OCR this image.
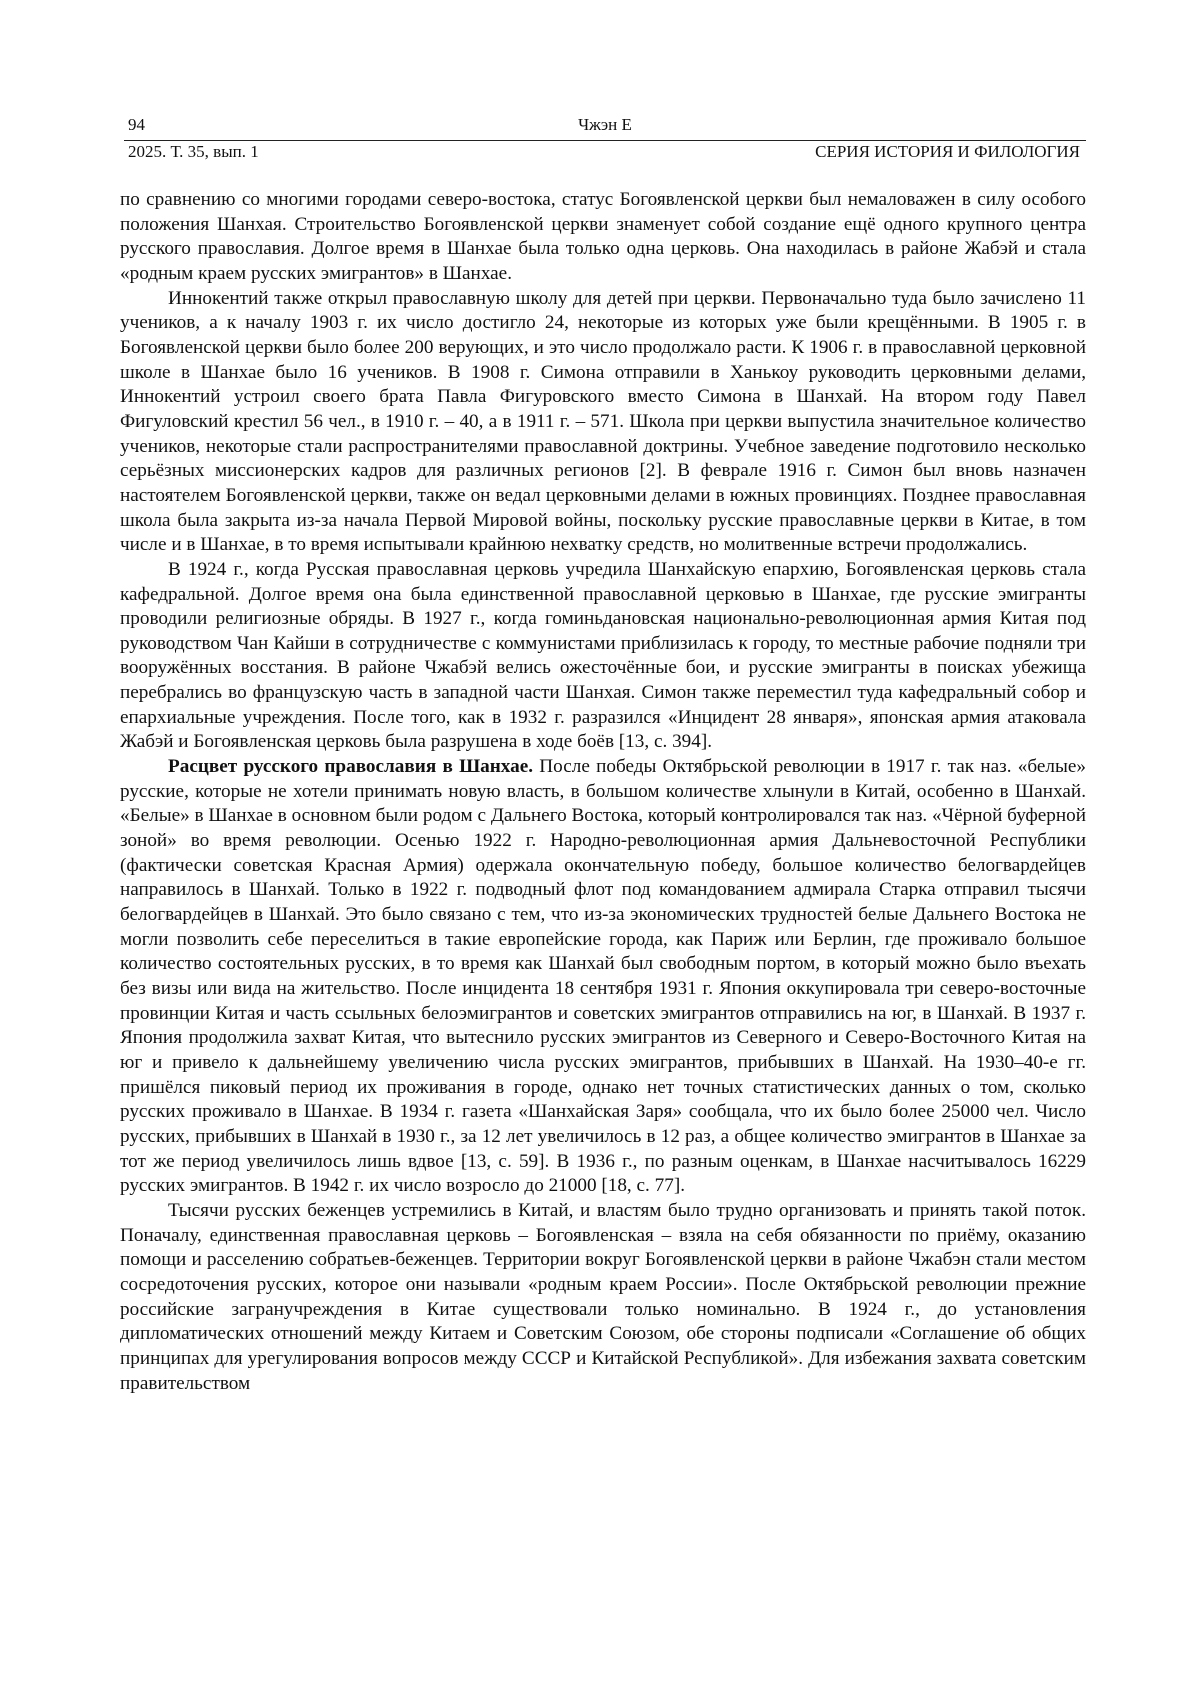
94	Чжэн Е
2025. Т. 35, вып. 1	СЕРИЯ ИСТОРИЯ И ФИЛОЛОГИЯ

по сравнению со многими городами северо-востока, статус Богоявленской церкви был немаловажен в силу особого положения Шанхая. Строительство Богоявленской церкви знаменует собой создание ещё одного крупного центра русского православия. Долгое время в Шанхае была только одна церковь. Она находилась в районе Жабэй и стала «родным краем русских эмигрантов» в Шанхае.

Иннокентий также открыл православную школу для детей при церкви. Первоначально туда было зачислено 11 учеников, а к началу 1903 г. их число достигло 24, некоторые из которых уже были крещёнными. В 1905 г. в Богоявленской церкви было более 200 верующих, и это число продолжало расти. К 1906 г. в православной церковной школе в Шанхае было 16 учеников. В 1908 г. Симона отправили в Ханькоу руководить церковными делами, Иннокентий устроил своего брата Павла Фигуровского вместо Симона в Шанхай. На втором году Павел Фигуловский крестил 56 чел., в 1910 г. – 40, а в 1911 г. – 571. Школа при церкви выпустила значительное количество учеников, некоторые стали распространителями православной доктрины. Учебное заведение подготовило несколько серьёзных миссионерских кадров для различных регионов [2]. В феврале 1916 г. Симон был вновь назначен настоятелем Богоявленской церкви, также он ведал церковными делами в южных провинциях. Позднее православная школа была закрыта из-за начала Первой Мировой войны, поскольку русские православные церкви в Китае, в том числе и в Шанхае, в то время испытывали крайнюю нехватку средств, но молитвенные встречи продолжались.

В 1924 г., когда Русская православная церковь учредила Шанхайскую епархию, Богоявленская церковь стала кафедральной. Долгое время она была единственной православной церковью в Шанхае, где русские эмигранты проводили религиозные обряды. В 1927 г., когда гоминьдановская национально-революционная армия Китая под руководством Чан Кайши в сотрудничестве с коммунистами приблизилась к городу, то местные рабочие подняли три вооружённых восстания. В районе Чжабэй велись ожесточённые бои, и русские эмигранты в поисках убежища перебрались во французскую часть в западной части Шанхая. Симон также переместил туда кафедральный собор и епархиальные учреждения. После того, как в 1932 г. разразился «Инцидент 28 января», японская армия атаковала Жабэй и Богоявленская церковь была разрушена в ходе боёв [13, с. 394].

Расцвет русского православия в Шанхае. После победы Октябрьской революции в 1917 г. так наз. «белые» русские, которые не хотели принимать новую власть, в большом количестве хлынули в Китай, особенно в Шанхай. «Белые» в Шанхае в основном были родом с Дальнего Востока, который контролировался так наз. «Чёрной буферной зоной» во время революции. Осенью 1922 г. Народно-революционная армия Дальневосточной Республики (фактически советская Красная Армия) одержала окончательную победу, большое количество белогвардейцев направилось в Шанхай. Только в 1922 г. подводный флот под командованием адмирала Старка отправил тысячи белогвардейцев в Шанхай. Это было связано с тем, что из-за экономических трудностей белые Дальнего Востока не могли позволить себе переселиться в такие европейские города, как Париж или Берлин, где проживало большое количество состоятельных русских, в то время как Шанхай был свободным портом, в который можно было въехать без визы или вида на жительство. После инцидента 18 сентября 1931 г. Япония оккупировала три северо-восточные провинции Китая и часть ссыльных белоэмигрантов и советских эмигрантов отправились на юг, в Шанхай. В 1937 г. Япония продолжила захват Китая, что вытеснило русских эмигрантов из Северного и Северо-Восточного Китая на юг и привело к дальнейшему увеличению числа русских эмигрантов, прибывших в Шанхай. На 1930–40-е гг. пришёлся пиковый период их проживания в городе, однако нет точных статистических данных о том, сколько русских проживало в Шанхае. В 1934 г. газета «Шанхайская Заря» сообщала, что их было более 25000 чел. Число русских, прибывших в Шанхай в 1930 г., за 12 лет увеличилось в 12 раз, а общее количество эмигрантов в Шанхае за тот же период увеличилось лишь вдвое [13, с. 59]. В 1936 г., по разным оценкам, в Шанхае насчитывалось 16229 русских эмигрантов. В 1942 г. их число возросло до 21000 [18, с. 77].

Тысячи русских беженцев устремились в Китай, и властям было трудно организовать и принять такой поток. Поначалу, единственная православная церковь – Богоявленская – взяла на себя обязанности по приёму, оказанию помощи и расселению собратьев-беженцев. Территории вокруг Богоявленской церкви в районе Чжабэн стали местом сосредоточения русских, которое они называли «родным краем России». После Октябрьской революции прежние российские загранучреждения в Китае существовали только номинально. В 1924 г., до установления дипломатических отношений между Китаем и Советским Союзом, обе стороны подписали «Соглашение об общих принципах для урегулирования вопросов между СССР и Китайской Республикой». Для избежания захвата советским правительством
